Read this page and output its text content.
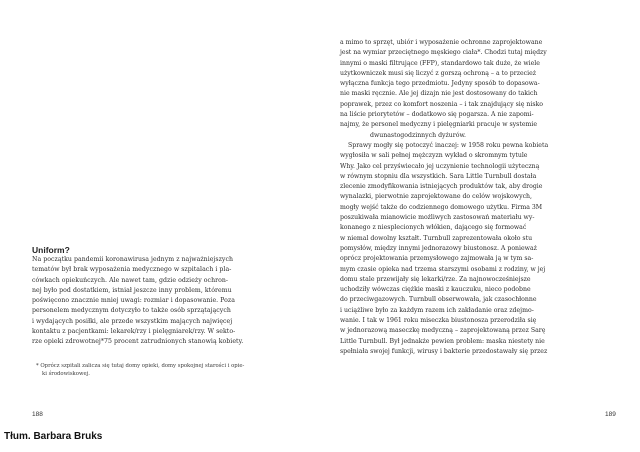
Uniform?
Na początku pandemii koronawirusa jednym z najważniejszych
tematów był brak wyposażenia medycznego w szpitalach i pla-
cówkach opiekuńczych. Ale nawet tam, gdzie odzieży ochron-
nej było pod dostatkiem, istniał jeszcze inny problem, któremu
poświęcono znacznie mniej uwagi: rozmiar i dopasowanie. Poza
personelem medycznym dotyczyło to także osób sprzątających
i wydających posiłki, ale przede wszystkim mających najwięcej
kontaktu z pacjentkami: lekarek/rzy i pielęgniarek/rzy. W sekto-
rze opieki zdrowotnej*75 procent zatrudnionych stanowią kobiety.
* Oprócz szpitali zalicza się tutaj domy opieki, domy spokojnej starości i opie-
ki środowiskowej.
188
Tłum. Barbara Bruks
a mimo to sprzęt, ubiór i wyposażenie ochronne zaprojektowane
jest na wymiar przeciętnego męskiego ciała*. Chodzi tutaj między
innymi o maski filtrujące (FFP), standardowo tak duże, że wiele
użytkowniczek musi się liczyć z gorszą ochroną – a to przecież
wyłączna funkcja tego przedmiotu. Jedyny sposób to dopasowa-
nie maski ręcznie. Ale jej dizajn nie jest dostosowany do takich
poprawek, przez co komfort noszenia – i tak znajdujący się nisko
na liście priorytetów – dodatkowo się pogarsza. A nie zapomi-
najmy, że personel medyczny i pielęgniarki pracuje w systemie
dwunastogodzinnych dyżurów.
Sprawy mogły się potoczyć inaczej: w 1958 roku pewna kobieta
wygłosiła w sali pełnej mężczyzn wykład o skromnym tytule
Why. Jako cel przyświecało jej uczynienie technologii użyteczną
w równym stopniu dla wszystkich. Sara Little Turnbull dostała
zlecenie zmodyfikowania istniejących produktów tak, aby drogie
wynalazki, pierwotnie zaprojektowane do celów wojskowych,
mogły wejść także do codziennego domowego użytku. Firma 3M
poszukiwała mianowicie możliwych zastosowań materiału wy-
konanego z niesplecionych włókien, dającego się formować
w niemal dowolny kształt. Turnbull zaprezentowała około stu
pomysłów, między innymi jednorazowy biustonosz. A ponieważ
oprócz projektowania przemysłowego zajmowała ją w tym sa-
mym czasie opieka nad trzema starszymi osobami z rodziny, w jej
domu stale przewijały się lekarki/rze. Za najnowocześniejsze
uchodziły wówczas ciężkie maski z kauczuku, nieco podobne
do przeciwgazowych. Turnbull obserwowała, jak czasochłonne
i uciążliwe było za każdym razem ich zakładanie oraz zdejmo-
wanie. I tak w 1961 roku miseczka biustonosza przerodziła się
w jednorazową maseczkę medyczną – zaprojektowaną przez Sarę
Little Turnbull. Był jednakże pewien problem: maska niestety nie
spełniała swojej funkcji, wirusy i bakterie przedostawały się przez
189
